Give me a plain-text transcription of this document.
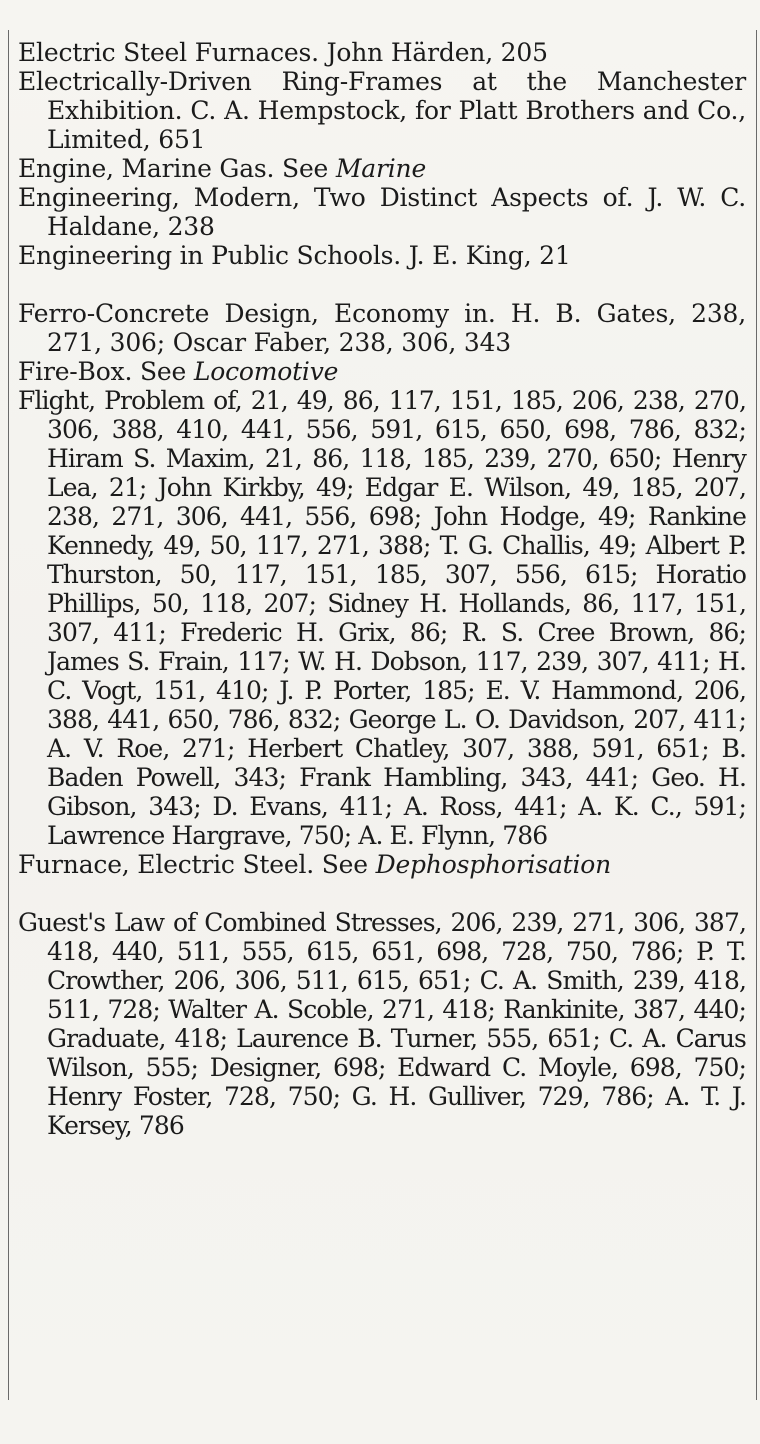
Electric Steel Furnaces. John Härden, 205
Electrically-Driven Ring-Frames at the Manchester Exhibition. C. A. Hempstock, for Platt Brothers and Co., Limited, 651
Engine, Marine Gas. See Marine
Engineering, Modern, Two Distinct Aspects of. J. W. C. Haldane, 238
Engineering in Public Schools. J. E. King, 21
Ferro-Concrete Design, Economy in. H. B. Gates, 238, 271, 306; Oscar Faber, 238, 306, 343
Fire-Box. See Locomotive
Flight, Problem of, 21, 49, 86, 117, 151, 185, 206, 238, 270, 306, 388, 410, 441, 556, 591, 615, 650, 698, 786, 832; Hiram S. Maxim, 21, 86, 118, 185, 239, 270, 650; Henry Lea, 21; John Kirkby, 49; Edgar E. Wilson, 49, 185, 207, 238, 271, 306, 441, 556, 698; John Hodge, 49; Rankine Kennedy, 49, 50, 117, 271, 388; T. G. Challis, 49; Albert P. Thurston, 50, 117, 151, 185, 307, 556, 615; Horatio Phillips, 50, 118, 207; Sidney H. Hollands, 86, 117, 151, 307, 411; Frederic H. Grix, 86; R. S. Cree Brown, 86; James S. Frain, 117; W. H. Dobson, 117, 239, 307, 411; H. C. Vogt, 151, 410; J. P. Porter, 185; E. V. Hammond, 206, 388, 441, 650, 786, 832; George L. O. Davidson, 207, 411; A. V. Roe, 271; Herbert Chatley, 307, 388, 591, 651; B. Baden Powell, 343; Frank Hambling, 343, 441; Geo. H. Gibson, 343; D. Evans, 411; A. Ross, 441; A. K. C., 591; Lawrence Hargrave, 750; A. E. Flynn, 786
Furnace, Electric Steel. See Dephosphorisation
Guest's Law of Combined Stresses, 206, 239, 271, 306, 387, 418, 440, 511, 555, 615, 651, 698, 728, 750, 786; P. T. Crowther, 206, 306, 511, 615, 651; C. A. Smith, 239, 418, 511, 728; Walter A. Scoble, 271, 418; Rankinite, 387, 440; Graduate, 418; Laurence B. Turner, 555, 651; C. A. Carus Wilson, 555; Designer, 698; Edward C. Moyle, 698, 750; Henry Foster, 728, 750; G. H. Gulliver, 729, 786; A. T. J. Kersey, 786
